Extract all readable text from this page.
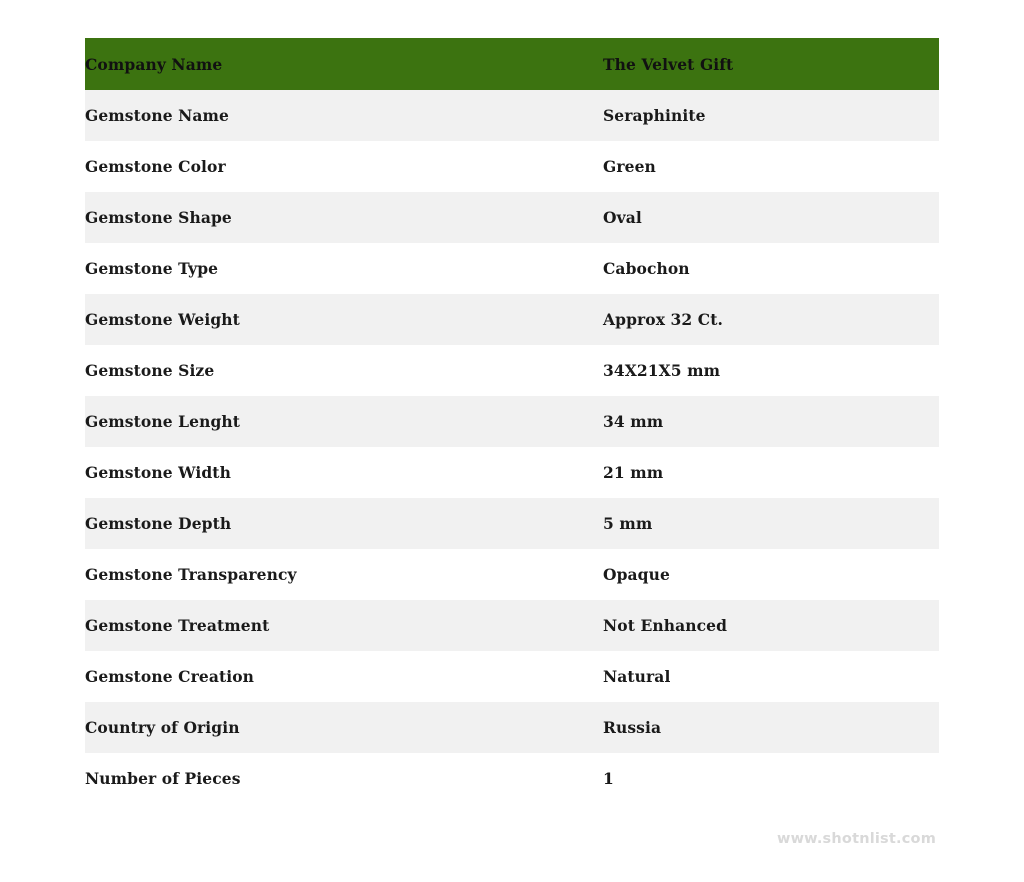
Company Name	The Velvet Gift
Gemstone Name	Seraphinite
Gemstone Color	Green
Gemstone Shape	Oval
Gemstone Type	Cabochon
Gemstone Weight	Approx 32 Ct.
Gemstone Size	34X21X5 mm
Gemstone Lenght	34 mm
Gemstone Width	21 mm
Gemstone Depth	5 mm
Gemstone Transparency	Opaque
Gemstone Treatment	Not Enhanced
Gemstone Creation	Natural
Country of Origin	Russia
Number of Pieces	1
www.shotnlist.com
